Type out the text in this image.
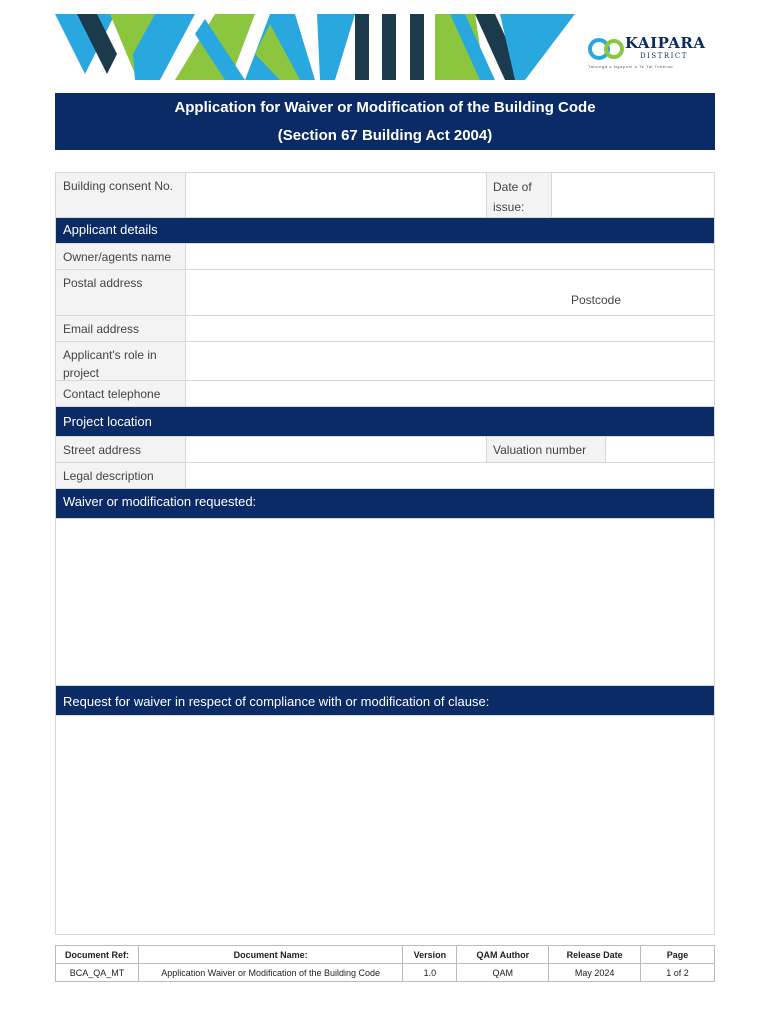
KAIPARA
DISTRICT
Tahunga o Ngapuhi o Te Tai Tokerau
Application for Waiver or Modification of the Building Code
(Section 67 Building Act 2004)
Building consent No.	Date of
issue:
Applicant details
Owner/agents name
Postal address
Postcode
Email address
Applicant's role in
project
Contact telephone
Project location
Street address	Valuation number
Legal description
Waiver or modification requested:
Request for waiver in respect of compliance with or modification of clause:
Document Ref:	Document Name:	Version	QAM Author	Release Date	Page
BCA_QA_MT	Application Waiver or Modification of the Building Code	1.0	QAM	May 2024	1 of 2
